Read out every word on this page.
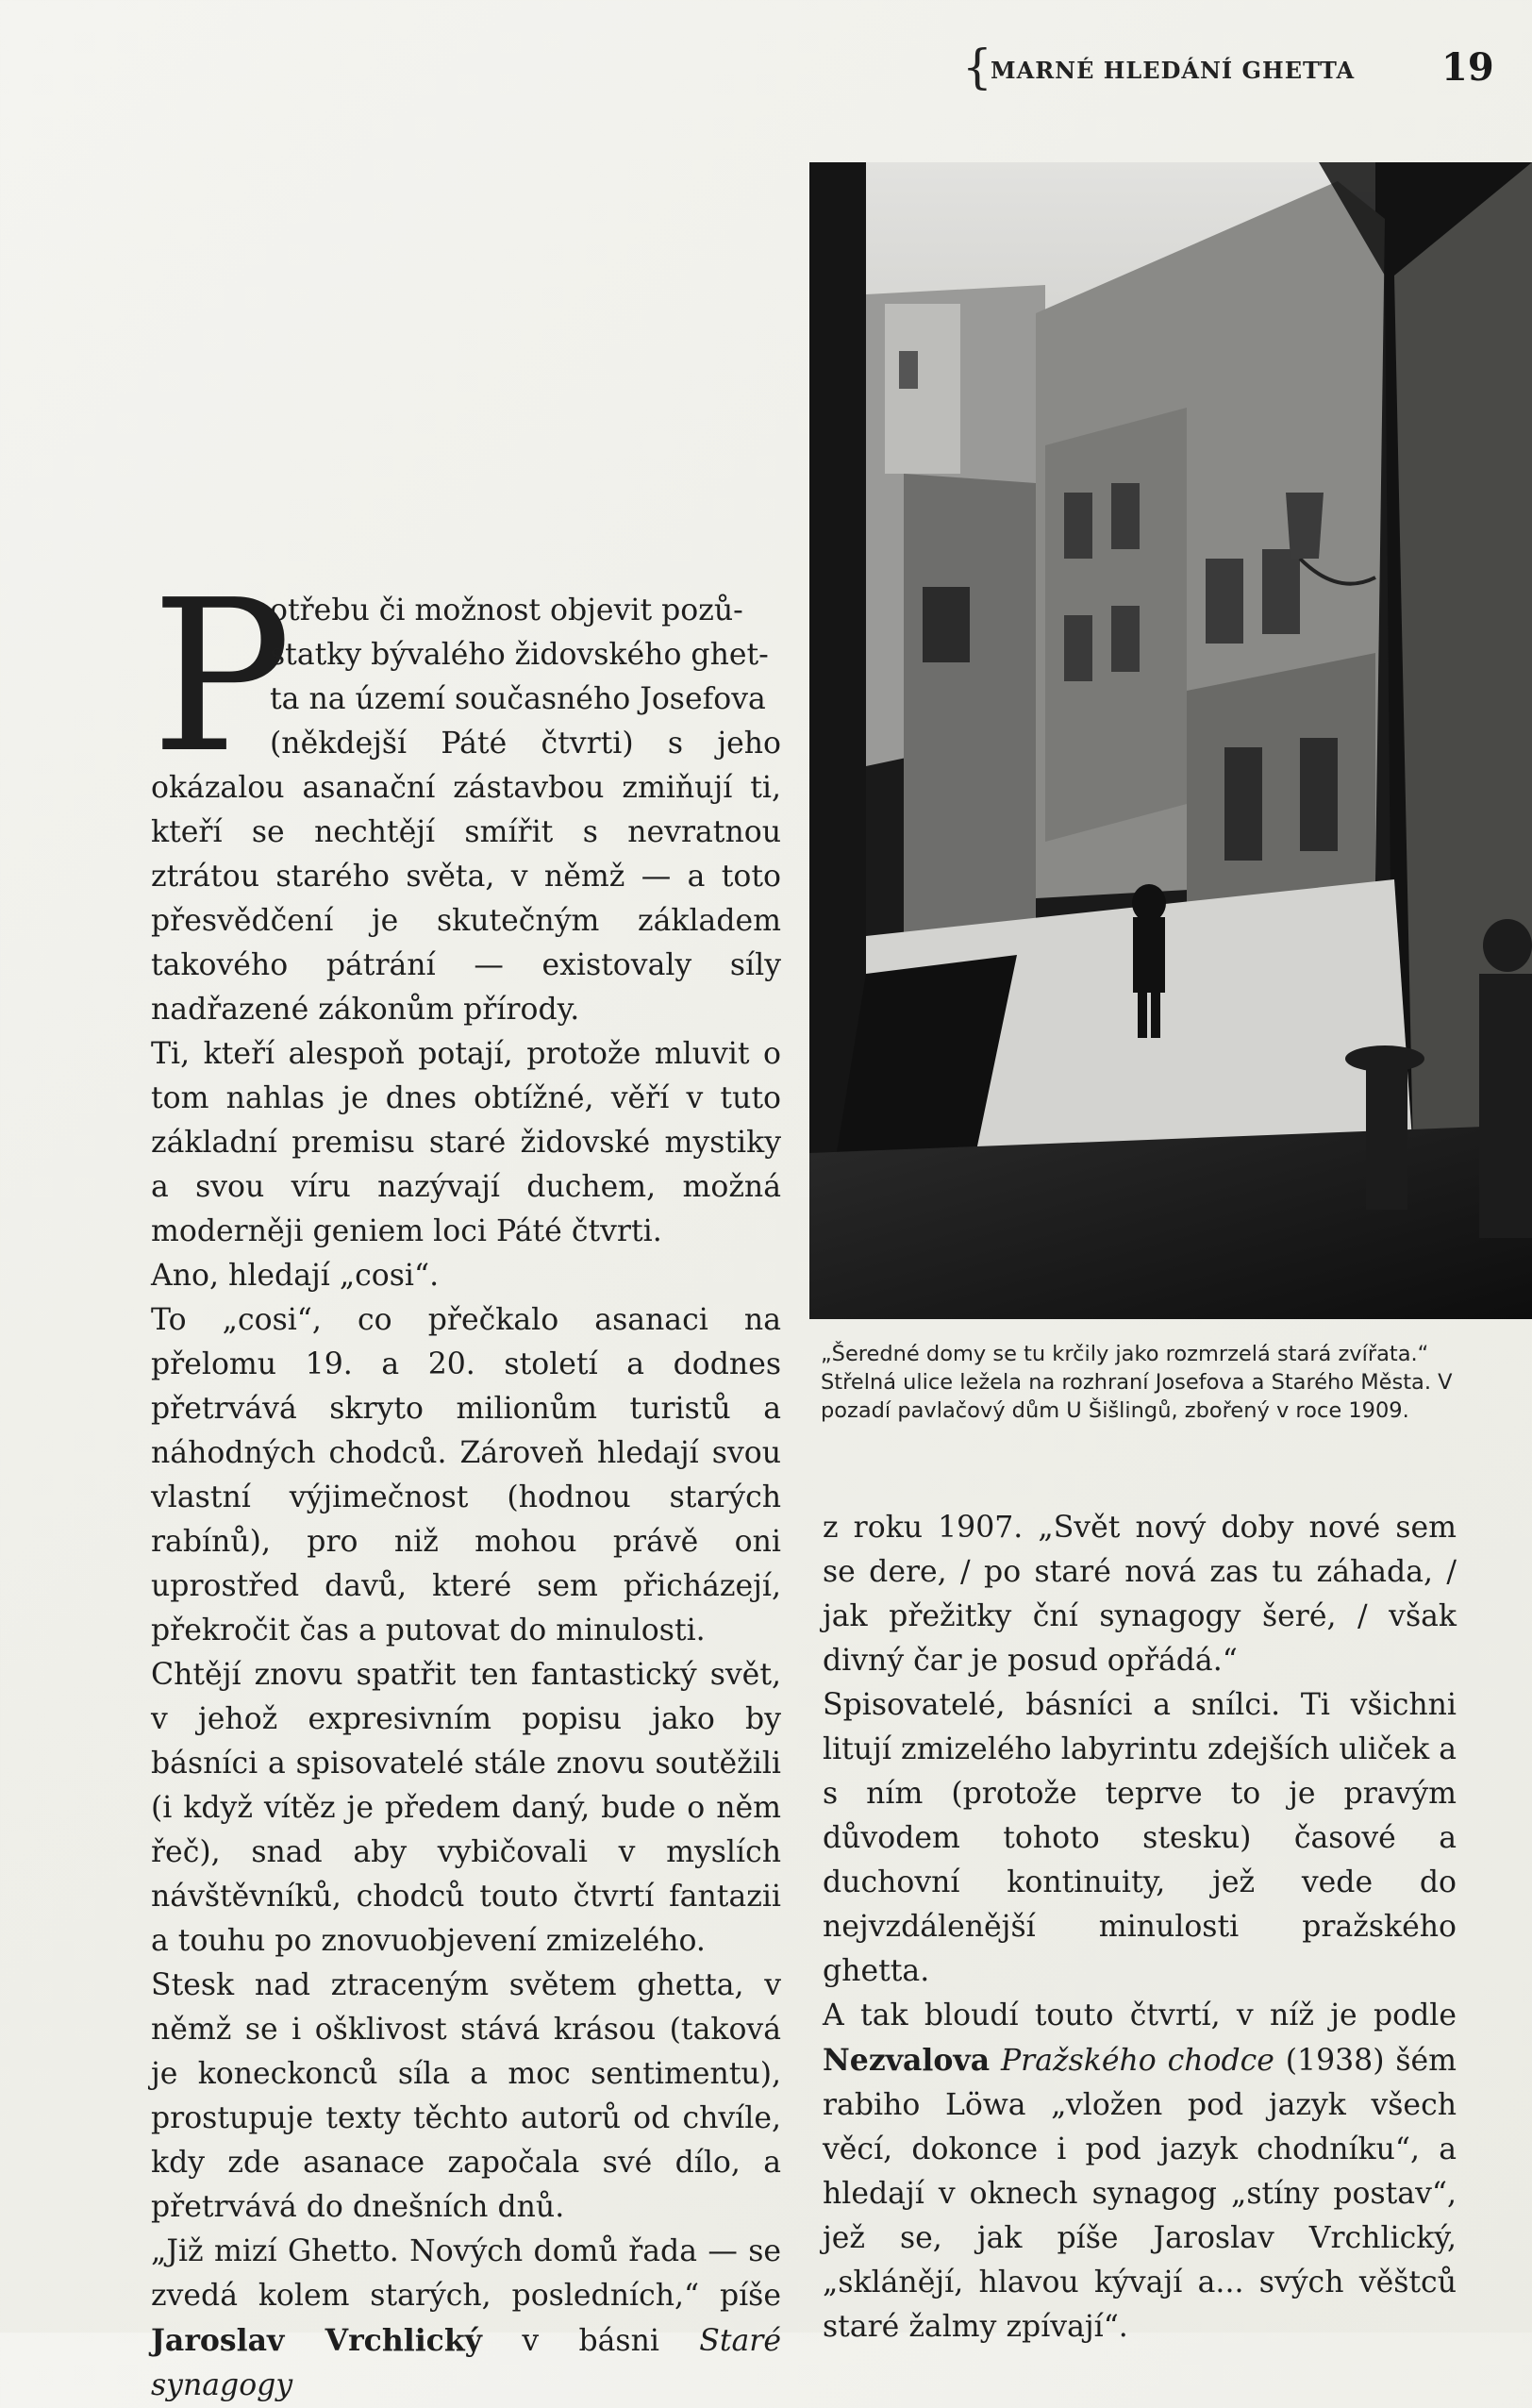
{
MARNÉ HLEDÁNÍ GHETTA 19
„Šeredné domy se tu krčily jako rozmrzelá stará zvířata.“ Střelná ulice ležela na rozhraní Josefova a Starého Města. V pozadí pavlačový dům U Šišlingů, zbořený v roce 1909.
P

otřebu či možnost objevit pozů-
statky bývalého židovského ghet-
ta na území současného Josefova
(někdejší Páté čtvrti) s jeho okázalou asanační zástavbou zmiňují ti, kteří se nechtějí smířit s nevratnou ztrátou starého světa, v němž — a toto přesvědčení je skutečným základem takového pátrání — existovaly síly nadřazené zákonům přírody.

Ti, kteří alespoň potají, protože mluvit o tom nahlas je dnes obtížné, věří v tuto základní premisu staré židovské mystiky a svou víru nazývají duchem, možná moderněji geniem loci Páté čtvrti.

Ano, hledají „cosi“.

To „cosi“, co přečkalo asanaci na přelomu 19. a 20. století a dodnes přetrvává skryto milionům turistů a náhodných chodců. Zároveň hledají svou vlastní výjimečnost (hodnou starých rabínů), pro niž mohou právě oni uprostřed davů, které sem přicházejí, překročit čas a putovat do minulosti.

Chtějí znovu spatřit ten fantastický svět, v jehož expresivním popisu jako by básníci a spisovatelé stále znovu soutěžili (i když vítěz je předem daný, bude o něm řeč), snad aby vybičovali v myslích návštěvníků, chodců touto čtvrtí fantazii a touhu po znovuobjevení zmizelého.

Stesk nad ztraceným světem ghetta, v němž se i ošklivost stává krásou (taková je koneckonců síla a moc sentimentu), prostupuje texty těchto autorů od chvíle, kdy zde asanace započala své dílo, a přetrvává do dnešních dnů.

„Již mizí Ghetto. Nových domů řada — se zvedá kolem starých, posledních,“ píše Jaroslav Vrchlický v básni Staré synagogy

z roku 1907. „Svět nový doby nové sem se dere, / po staré nová zas tu záhada, / jak přežitky ční synagogy šeré, / však divný čar je posud opřádá.“

Spisovatelé, básníci a snílci. Ti všichni litují zmizelého labyrintu zdejších uliček a s ním (protože teprve to je pravým důvodem tohoto stesku) časové a duchovní kontinuity, jež vede do nejvzdálenější minulosti pražského ghetta.

A tak bloudí touto čtvrtí, v níž je podle Nezvalova Pražského chodce (1938) šém rabiho Löwa „vložen pod jazyk všech věcí, dokonce i pod jazyk chodníku“, a hledají v oknech synagog „stíny postav“, jež se, jak píše Jaroslav Vrchlický, „sklánějí, hlavou kývají a... svých věštců staré žalmy zpívají“.
